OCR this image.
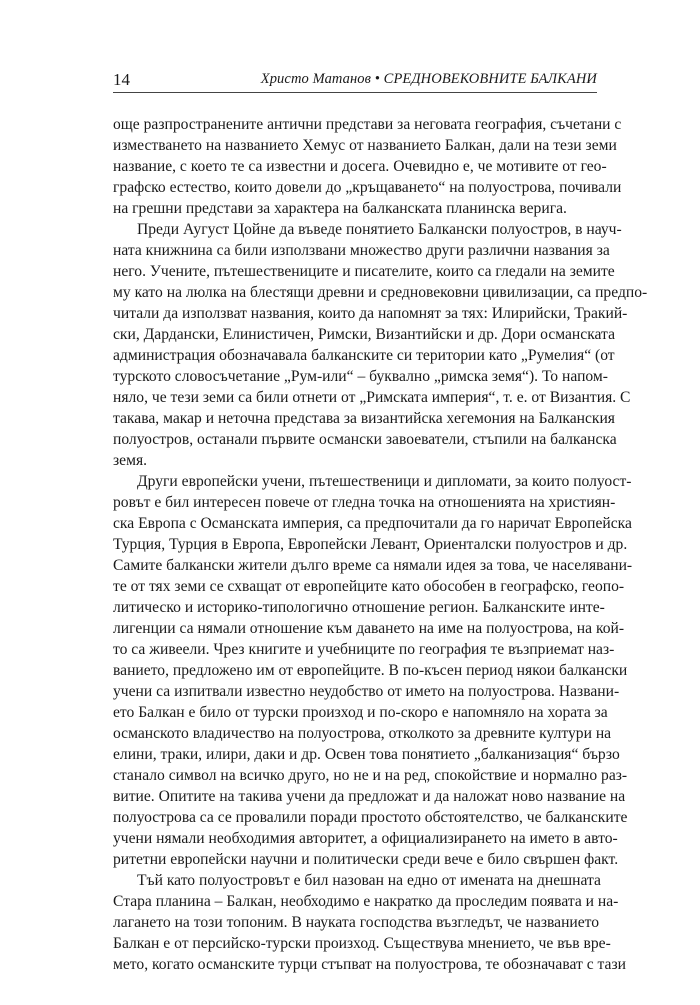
14	Христо Матанов • СРЕДНОВЕКОВНИТЕ БАЛКАНИ

още разпространените антични представи за неговата география, съчетани с
изместването на названието Хемус от названието Балкан, дали на тези земи
название, с което те са известни и досега. Очевидно е, че мотивите от гео-
графско естество, които довели до „кръщаването“ на полуострова, почивали
на грешни представи за характера на балканската планинска верига.

Преди Аугуст Цойне да въведе понятието Балкански полуостров, в науч-
ната книжнина са били използвани множество други различни названия за
него. Учените, пътешествениците и писателите, които са гледали на земите
му като на люлка на блестящи древни и средновековни цивилизации, са предпо-
читали да използват названия, които да напомнят за тях: Илирийски, Тракий-
ски, Дардански, Елинистичен, Римски, Византийски и др. Дори османската
администрация обозначавала балканските си територии като „Румелия“ (от
турското словосъчетание „Рум-или“ – буквално „римска земя“). То напом-
няло, че тези земи са били отнети от „Римската империя“, т. е. от Византия. С
такава, макар и неточна представа за византийска хегемония на Балканския
полуостров, останали първите османски завоеватели, стъпили на балканска
земя.

Други европейски учени, пътешественици и дипломати, за които полуост-
ровът е бил интересен повече от гледна точка на отношенията на християн-
ска Европа с Османската империя, са предпочитали да го наричат Европейска
Турция, Турция в Европа, Европейски Левант, Ориенталски полуостров и др.
Самите балкански жители дълго време са нямали идея за това, че населявани-
те от тях земи се схващат от европейците като обособен в географско, геопо-
литическо и историко-типологично отношение регион. Балканските инте-
лигенции са нямали отношение към даването на име на полуострова, на кой-
то са живеели. Чрез книгите и учебниците по география те възприемат наз-
ванието, предложено им от европейците. В по-късен период някои балкански
учени са изпитвали известно неудобство от името на полуострова. Названи-
ето Балкан е било от турски произход и по-скоро е напомняло на хората за
османското владичество на полуострова, отколкото за древните култури на
елини, траки, илири, даки и др. Освен това понятието „балканизация“ бързо
станало символ на всичко друго, но не и на ред, спокойствие и нормално раз-
витие. Опитите на такива учени да предложат и да наложат ново название на
полуострова са се провалили поради простото обстоятелство, че балканските
учени нямали необходимия авторитет, а официализирането на името в авто-
ритетни европейски научни и политически среди вече е било свършен факт.

Тъй като полуостровът е бил назован на едно от имената на днешната
Стара планина – Балкан, необходимо е накратко да проследим появата и на-
лагането на този топоним. В науката господства възгледът, че названието
Балкан е от персийско-турски произход. Съществува мнението, че във вре-
мето, когато османските турци стъпват на полуострова, те обозначават с тази
